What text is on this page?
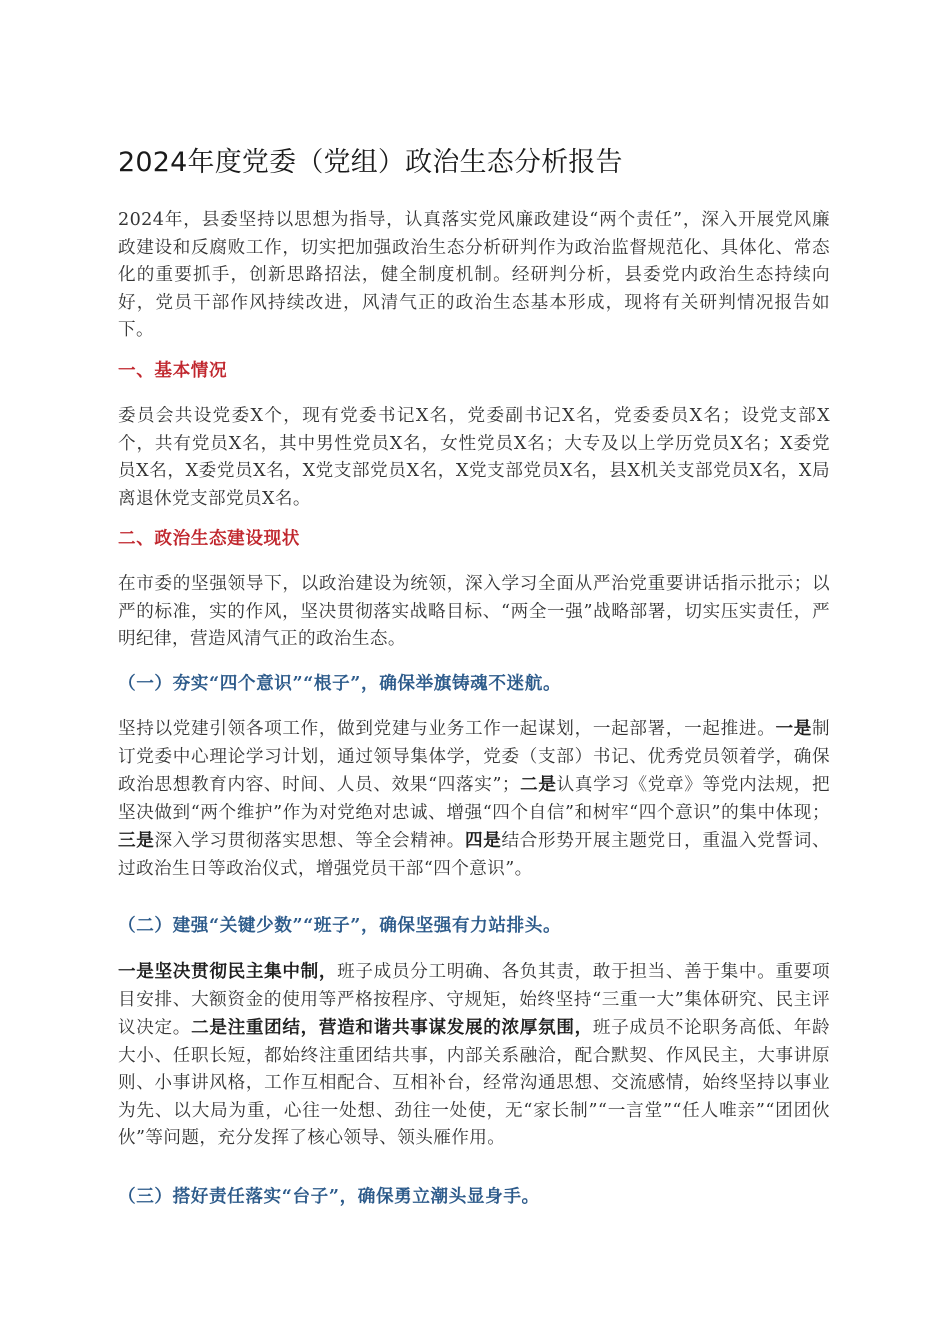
2024年度党委（党组）政治生态分析报告
2024年，县委坚持以思想为指导，认真落实党风廉政建设“两个责任”，深入开展党风廉政建设和反腐败工作，切实把加强政治生态分析研判作为政治监督规范化、具体化、常态化的重要抓手，创新思路招法，健全制度机制。经研判分析，县委党内政治生态持续向好，党员干部作风持续改进，风清气正的政治生态基本形成，现将有关研判情况报告如下。
一、基本情况
委员会共设党委X个，现有党委书记X名，党委副书记X名，党委委员X名；设党支部X个，共有党员X名，其中男性党员X名，女性党员X名；大专及以上学历党员X名；X委党员X名，X委党员X名，X党支部党员X名，X党支部党员X名，县X机关支部党员X名，X局离退休党支部党员X名。
二、政治生态建设现状
在市委的坚强领导下，以政治建设为统领，深入学习全面从严治党重要讲话指示批示；以严的标准，实的作风，坚决贯彻落实战略目标、“两全一强”战略部署，切实压实责任，严明纪律，营造风清气正的政治生态。
（一）夯实“四个意识”“根子”，确保举旗铸魂不迷航。
坚持以党建引领各项工作，做到党建与业务工作一起谋划，一起部署，一起推进。一是制订党委中心理论学习计划，通过领导集体学，党委（支部）书记、优秀党员领着学，确保政治思想教育内容、时间、人员、效果“四落实”；二是认真学习《党章》等党内法规，把坚决做到“两个维护”作为对党绝对忠诚、增强“四个自信”和树牢“四个意识”的集中体现；三是深入学习贯彻落实思想、等全会精神。四是结合形势开展主题党日，重温入党誓词、过政治生日等政治仪式，增强党员干部“四个意识”。
（二）建强“关键少数”“班子”，确保坚强有力站排头。
一是坚决贯彻民主集中制，班子成员分工明确、各负其责，敢于担当、善于集中。重要项目安排、大额资金的使用等严格按程序、守规矩，始终坚持“三重一大”集体研究、民主评议决定。二是注重团结，营造和谐共事谋发展的浓厚氛围，班子成员不论职务高低、年龄大小、任职长短，都始终注重团结共事，内部关系融洽，配合默契、作风民主，大事讲原则、小事讲风格，工作互相配合、互相补台，经常沟通思想、交流感情，始终坚持以事业为先、以大局为重，心往一处想、劲往一处使，无“家长制”“一言堂”“任人唯亲”“团团伙伙”等问题，充分发挥了核心领导、领头雁作用。
（三）搭好责任落实“台子”，确保勇立潮头显身手。
